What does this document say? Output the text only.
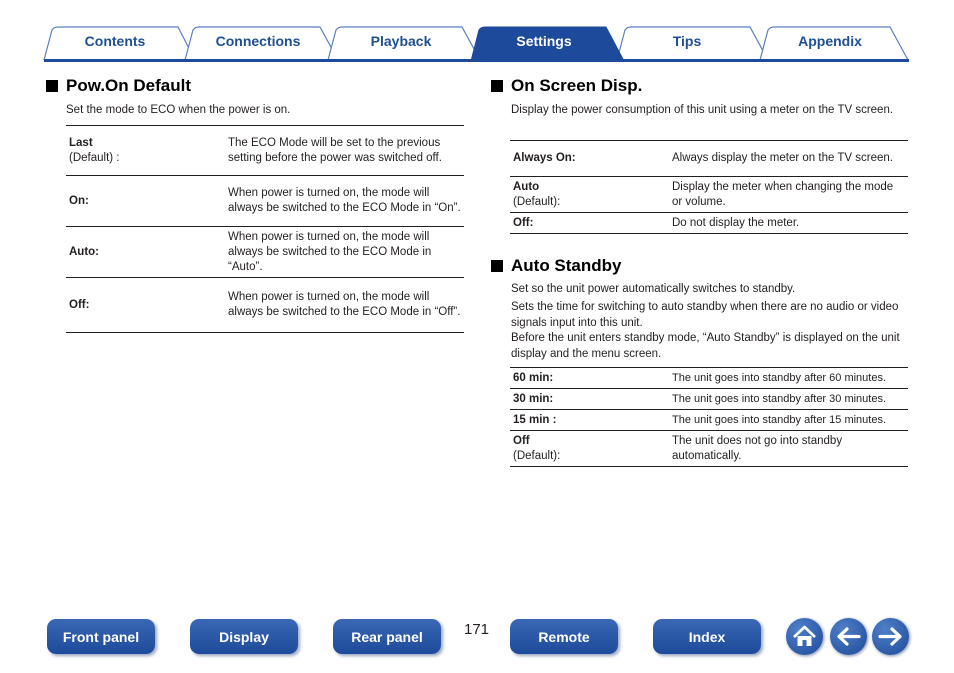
Contents	Connections	Playback	Settings	Tips	Appendix
Pow.On Default
Set the mode to ECO when the power is on.
Last
(Default) :	The ECO Mode will be set to the previous setting before the power was switched off.
On:	When power is turned on, the mode will always be switched to the ECO Mode in “On”.
Auto:	When power is turned on, the mode will always be switched to the ECO Mode in “Auto”.
Off:	When power is turned on, the mode will always be switched to the ECO Mode in “Off”.
On Screen Disp.
Display the power consumption of this unit using a meter on the TV screen.
Always On:	Always display the meter on the TV screen.
Auto
(Default):	Display the meter when changing the mode or volume.
Off:	Do not display the meter.
Auto Standby
Set so the unit power automatically switches to standby.
Sets the time for switching to auto standby when there are no audio or video signals input into this unit.
Before the unit enters standby mode, “Auto Standby” is displayed on the unit display and the menu screen.
60 min:	The unit goes into standby after 60 minutes.
30 min:	The unit goes into standby after 30 minutes.
15 min :	The unit goes into standby after 15 minutes.
Off
(Default):	The unit does not go into standby automatically.
Front panel	Display	Rear panel	171	Remote	Index
